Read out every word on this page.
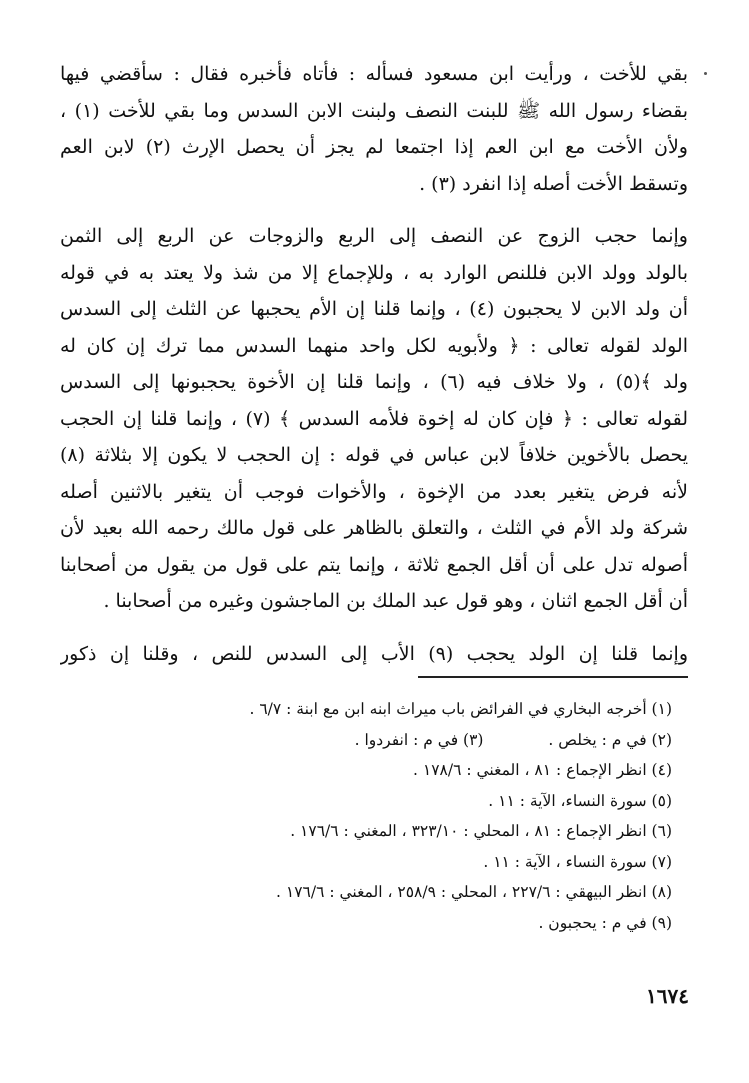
بقي للأخت ، ورأيت ابن مسعود فسأله : فأتاه فأخبره فقال : سأقضي فيها
بقضاء رسول الله ﷺ للبنت النصف ولبنت الابن السدس وما بقي للأخت (١) ،
ولأن الأخت مع ابن العم إذا اجتمعا لم يجز أن يحصل الإرث (٢) لابن العم
وتسقط الأخت أصله إذا انفرد (٣) .
وإنما حجب الزوج عن النصف إلى الربع والزوجات عن الربع إلى الثمن
بالولد وولد الابن فللنص الوارد به ، وللإجماع إلا من شذ ولا يعتد به في قوله
أن ولد الابن لا يحجبون (٤) ، وإنما قلنا إن الأم يحجبها عن الثلث إلى السدس
الولد لقوله تعالى : ﴿ ولأبويه لكل واحد منهما السدس مما ترك إن كان له
ولد ﴾(٥) ، ولا خلاف فيه (٦) ، وإنما قلنا إن الأخوة يحجبونها إلى السدس
لقوله تعالى : ﴿ فإن كان له إخوة فلأمه السدس ﴾ (٧) ، وإنما قلنا إن الحجب
يحصل بالأخوين خلافاً لابن عباس في قوله : إن الحجب لا يكون إلا بثلاثة (٨)
لأنه فرض يتغير بعدد من الإخوة ، والأخوات فوجب أن يتغير بالاثنين أصله
شركة ولد الأم في الثلث ، والتعلق بالظاهر على قول مالك رحمه الله بعيد لأن
أصوله تدل على أن أقل الجمع ثلاثة ، وإنما يتم على قول من يقول من أصحابنا
أن أقل الجمع اثنان ، وهو قول عبد الملك بن الماجشون وغيره من أصحابنا .
وإنما قلنا إن الولد يحجب (٩) الأب إلى السدس للنص ، وقلنا إن ذكور
(١) أخرجه البخاري في الفرائض باب ميراث ابنه ابن مع ابنة : ٦/٧ .
(٢) في م : يخلص . (٣) في م : انفردوا .
(٤) انظر الإجماع : ٨١ ، المغني : ١٧٨/٦ .
(٥) سورة النساء، الآية : ١١ .
(٦) انظر الإجماع : ٨١ ، المحلي : ٣٢٣/١٠ ، المغني : ١٧٦/٦ .
(٧) سورة النساء ، الآية : ١١ .
(٨) انظر البيهقي : ٢٢٧/٦ ، المحلي : ٢٥٨/٩ ، المغني : ١٧٦/٦ .
(٩) في م : يحجبون .
١٦٧٤
